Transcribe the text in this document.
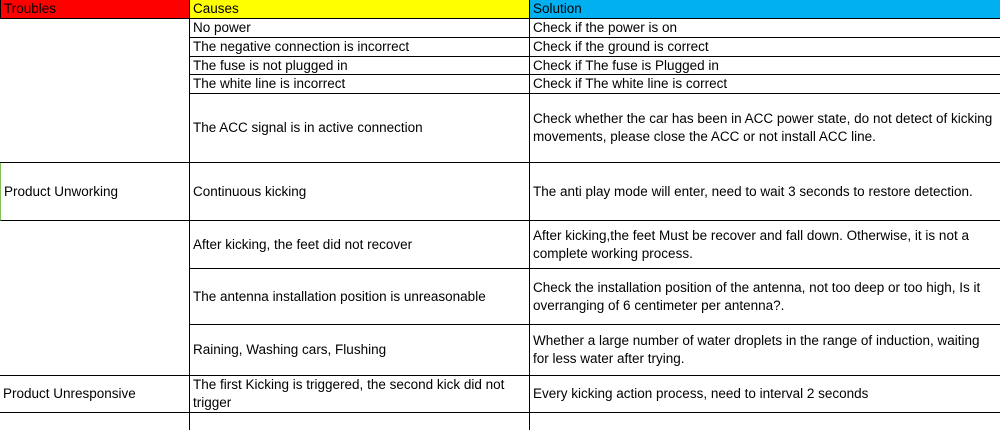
Troubles	Causes	Solution
Product Unworking
Product Unresponsive
No power
The negative connection is incorrect
The fuse is not plugged in
The white line is incorrect
The ACC signal is in active connection
Continuous kicking
After kicking, the feet did not recover
The antenna installation position is unreasonable
Raining, Washing cars, Flushing
The first Kicking is triggered, the second kick did not trigger
Check if the power is on
Check if the ground is correct
Check if The fuse is Plugged in
Check if The white line is correct
Check whether the car has been in ACC power state, do not detect of kicking movements, please close the ACC or not install ACC line.
The anti play mode will enter, need to wait 3 seconds to restore detection.
After kicking,the feet Must be recover and fall down. Otherwise, it is not a complete working process.
Check the installation position of the antenna, not too deep or too high, Is it overranging of 6 centimeter per antenna?.
Whether a large number of water droplets in the range of induction, waiting for less water after trying.
Every kicking action process, need to interval 2 seconds
